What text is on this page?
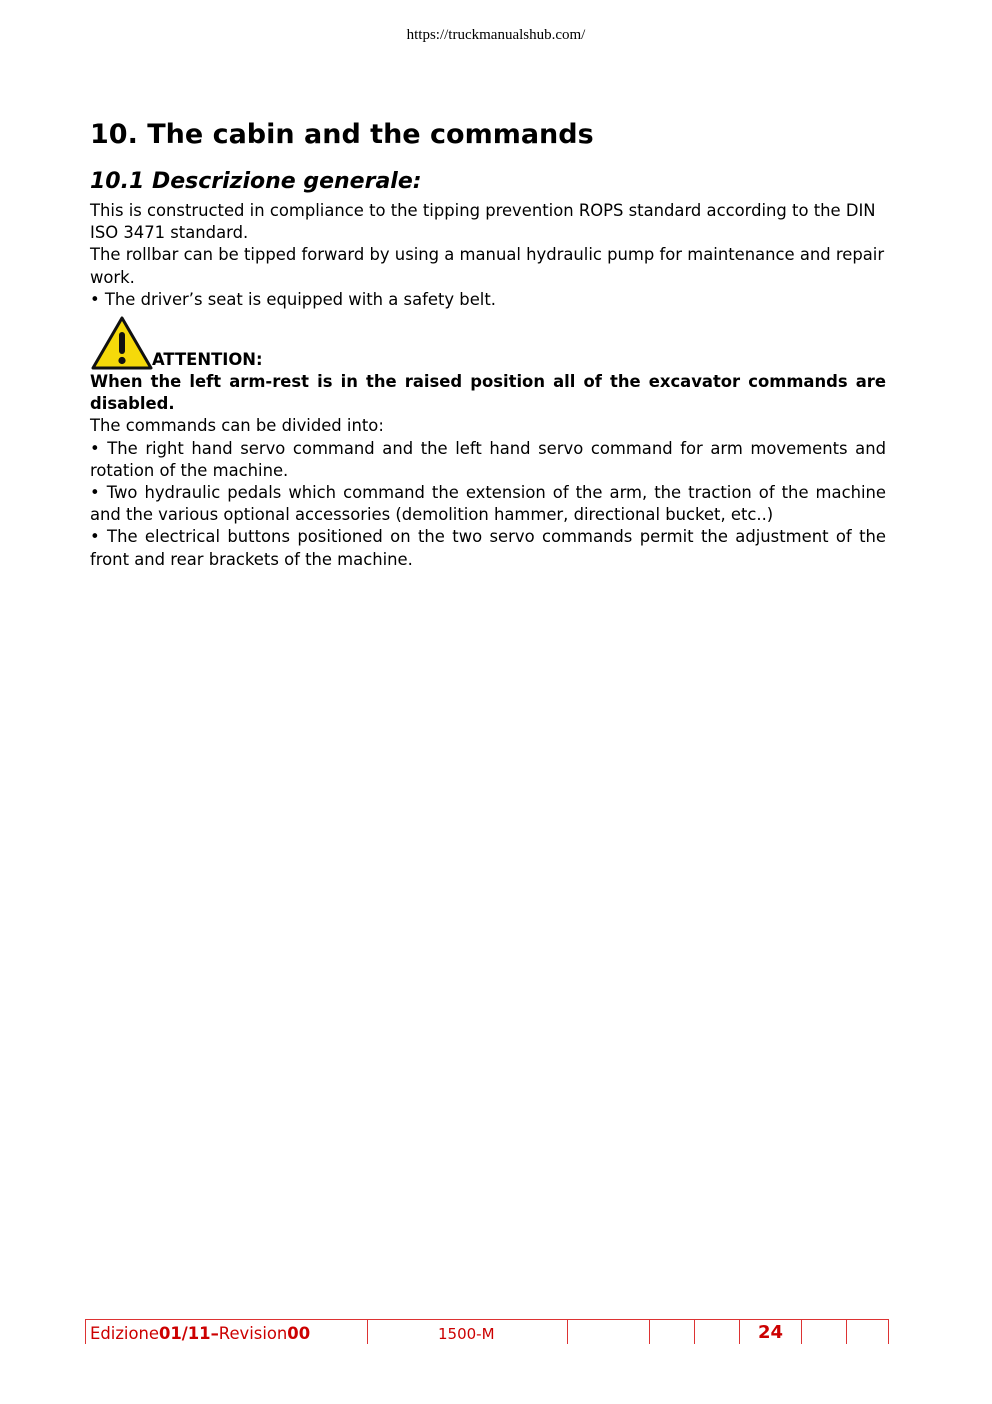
https://truckmanualshub.com/
10. The cabin and the commands
10.1 Descrizione generale:

This is constructed in compliance to the tipping prevention ROPS standard according to the DIN ISO 3471 standard.

The rollbar can be tipped forward by using a manual hydraulic pump for maintenance and repair work.

• The driver’s seat is equipped with a safety belt.

ATTENTION:

When the left arm-rest is in the raised position all of the excavator commands are disabled.

The commands can be divided into:

• The right hand servo command and the left hand servo command for arm movements and rotation of the machine.

• Two hydraulic pedals which command the extension of the arm, the traction of the machine and the various optional accessories (demolition hammer, directional bucket, etc..)

• The electrical buttons positioned on the two servo commands permit the adjustment of the front and rear brackets of the machine.

Edizione 01/11– Revision 00	1500-M	24
